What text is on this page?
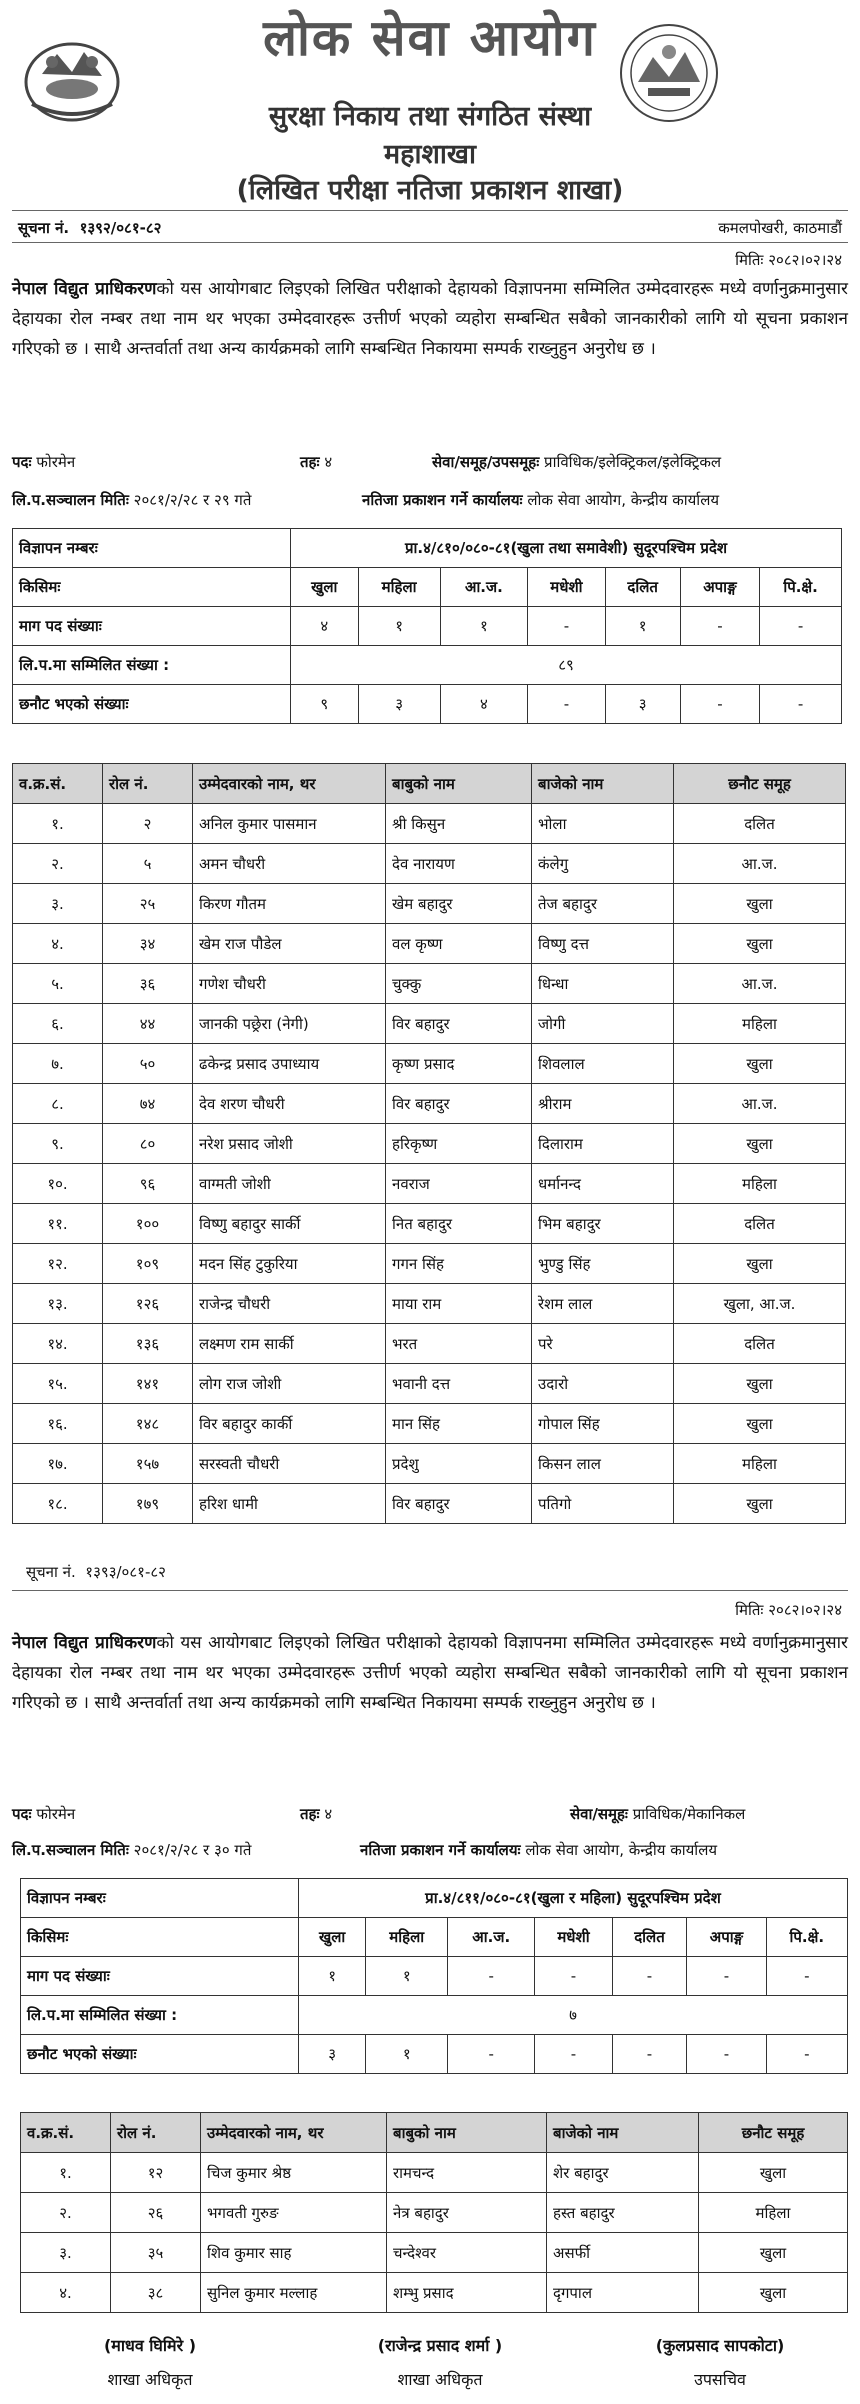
लोक सेवा आयोग
सुरक्षा निकाय तथा संगठित संस्था
महाशाखा
(लिखित परीक्षा नतिजा प्रकाशन शाखा)
सूचना नं. १३९२/०८१-८२	कमलपोखरी, काठमाडौं
मितिः २०८२।०२।२४
नेपाल विद्युत प्राधिकरणको यस आयोगबाट लिइएको लिखित परीक्षाको देहायको विज्ञापनमा सम्मिलित उम्मेदवारहरू मध्ये वर्णानुक्रमानुसार देहायका रोल नम्बर तथा नाम थर भएका उम्मेदवारहरू उत्तीर्ण भएको व्यहोरा सम्बन्धित सबैको जानकारीको लागि यो सूचना प्रकाशन गरिएको छ । साथै अन्तर्वार्ता तथा अन्य कार्यक्रमको लागि सम्बन्धित निकायमा सम्पर्क राख्नुहुन अनुरोध छ ।
पदः फोरमेन	तहः ४	सेवा/समूह/उपसमूहः प्राविधिक/इलेक्ट्रिकल/इलेक्ट्रिकल
लि.प.सञ्चालन मितिः २०८१/२/२८ र २९ गते	नतिजा प्रकाशन गर्ने कार्यालयः लोक सेवा आयोग, केन्द्रीय कार्यालय
विज्ञापन नम्बरः	प्रा.४/८१०/०८०-८१(खुला तथा समावेशी) सुदूरपश्चिम प्रदेश						
किसिमः	खुला	महिला	आ.ज.	मधेशी	दलित	अपाङ्ग	पि.क्षे.
माग पद संख्याः	४	१	१	-	१	-	-
लि.प.मा सम्मिलित संख्या :	८९						
छनौट भएको संख्याः	९	३	४	-	३	-	-
व.क्र.सं.	रोल नं.	उम्मेदवारको नाम, थर	बाबुको नाम	बाजेको नाम	छनौट समूह
१.	२	अनिल कुमार पासमान	श्री किसुन	भोला	दलित
२.	५	अमन चौधरी	देव नारायण	कंलेगु	आ.ज.
३.	२५	किरण गौतम	खेम बहादुर	तेज बहादुर	खुला
४.	३४	खेम राज पौडेल	वल कृष्ण	विष्णु दत्त	खुला
५.	३६	गणेश चौधरी	चुक्कु	धिन्धा	आ.ज.
६.	४४	जानकी पछ्रेरा (नेगी)	विर बहादुर	जोगी	महिला
७.	५०	ढकेन्द्र प्रसाद उपाध्याय	कृष्ण प्रसाद	शिवलाल	खुला
८.	७४	देव शरण चौधरी	विर बहादुर	श्रीराम	आ.ज.
९.	८०	नरेश प्रसाद जोशी	हरिकृष्ण	दिलाराम	खुला
१०.	९६	वाग्मती जोशी	नवराज	धर्मानन्द	महिला
११.	१००	विष्णु बहादुर सार्की	नित बहादुर	भिम बहादुर	दलित
१२.	१०९	मदन सिंह टुकुरिया	गगन सिंह	भुण्डु सिंह	खुला
१३.	१२६	राजेन्द्र चौधरी	माया राम	रेशम लाल	खुला, आ.ज.
१४.	१३६	लक्ष्मण राम सार्की	भरत	परे	दलित
१५.	१४१	लोग राज जोशी	भवानी दत्त	उदारो	खुला
१६.	१४८	विर बहादुर कार्की	मान सिंह	गोपाल सिंह	खुला
१७.	१५७	सरस्वती चौधरी	प्रदेशु	किसन लाल	महिला
१८.	१७९	हरिश धामी	विर बहादुर	पतिगो	खुला
सूचना नं. १३९३/०८१-८२
मितिः २०८२।०२।२४
नेपाल विद्युत प्राधिकरणको यस आयोगबाट लिइएको लिखित परीक्षाको देहायको विज्ञापनमा सम्मिलित उम्मेदवारहरू मध्ये वर्णानुक्रमानुसार देहायका रोल नम्बर तथा नाम थर भएका उम्मेदवारहरू उत्तीर्ण भएको व्यहोरा सम्बन्धित सबैको जानकारीको लागि यो सूचना प्रकाशन गरिएको छ । साथै अन्तर्वार्ता तथा अन्य कार्यक्रमको लागि सम्बन्धित निकायमा सम्पर्क राख्नुहुन अनुरोध छ ।
पदः फोरमेन	तहः ४	सेवा/समूहः प्राविधिक/मेकानिकल
लि.प.सञ्चालन मितिः २०८१/२/२८ र ३० गते	नतिजा प्रकाशन गर्ने कार्यालयः लोक सेवा आयोग, केन्द्रीय कार्यालय
विज्ञापन नम्बरः	प्रा.४/८११/०८०-८१(खुला र महिला) सुदूरपश्चिम प्रदेश						
किसिमः	खुला	महिला	आ.ज.	मधेशी	दलित	अपाङ्ग	पि.क्षे.
माग पद संख्याः	१	१	-	-	-	-	-
लि.प.मा सम्मिलित संख्या :	७						
छनौट भएको संख्याः	३	१	-	-	-	-	-
व.क्र.सं.	रोल नं.	उम्मेदवारको नाम, थर	बाबुको नाम	बाजेको नाम	छनौट समूह
१.	१२	चिज कुमार श्रेष्ठ	रामचन्द	शेर बहादुर	खुला
२.	२६	भगवती गुरुङ	नेत्र बहादुर	हस्त बहादुर	महिला
३.	३५	शिव कुमार साह	चन्देश्वर	असर्फी	खुला
४.	३८	सुनिल कुमार मल्लाह	शम्भु प्रसाद	दृगपाल	खुला
(माधव घिमिरे )
शाखा अधिकृत
(राजेन्द्र प्रसाद शर्मा )
शाखा अधिकृत
(कुलप्रसाद सापकोटा)
उपसचिव
